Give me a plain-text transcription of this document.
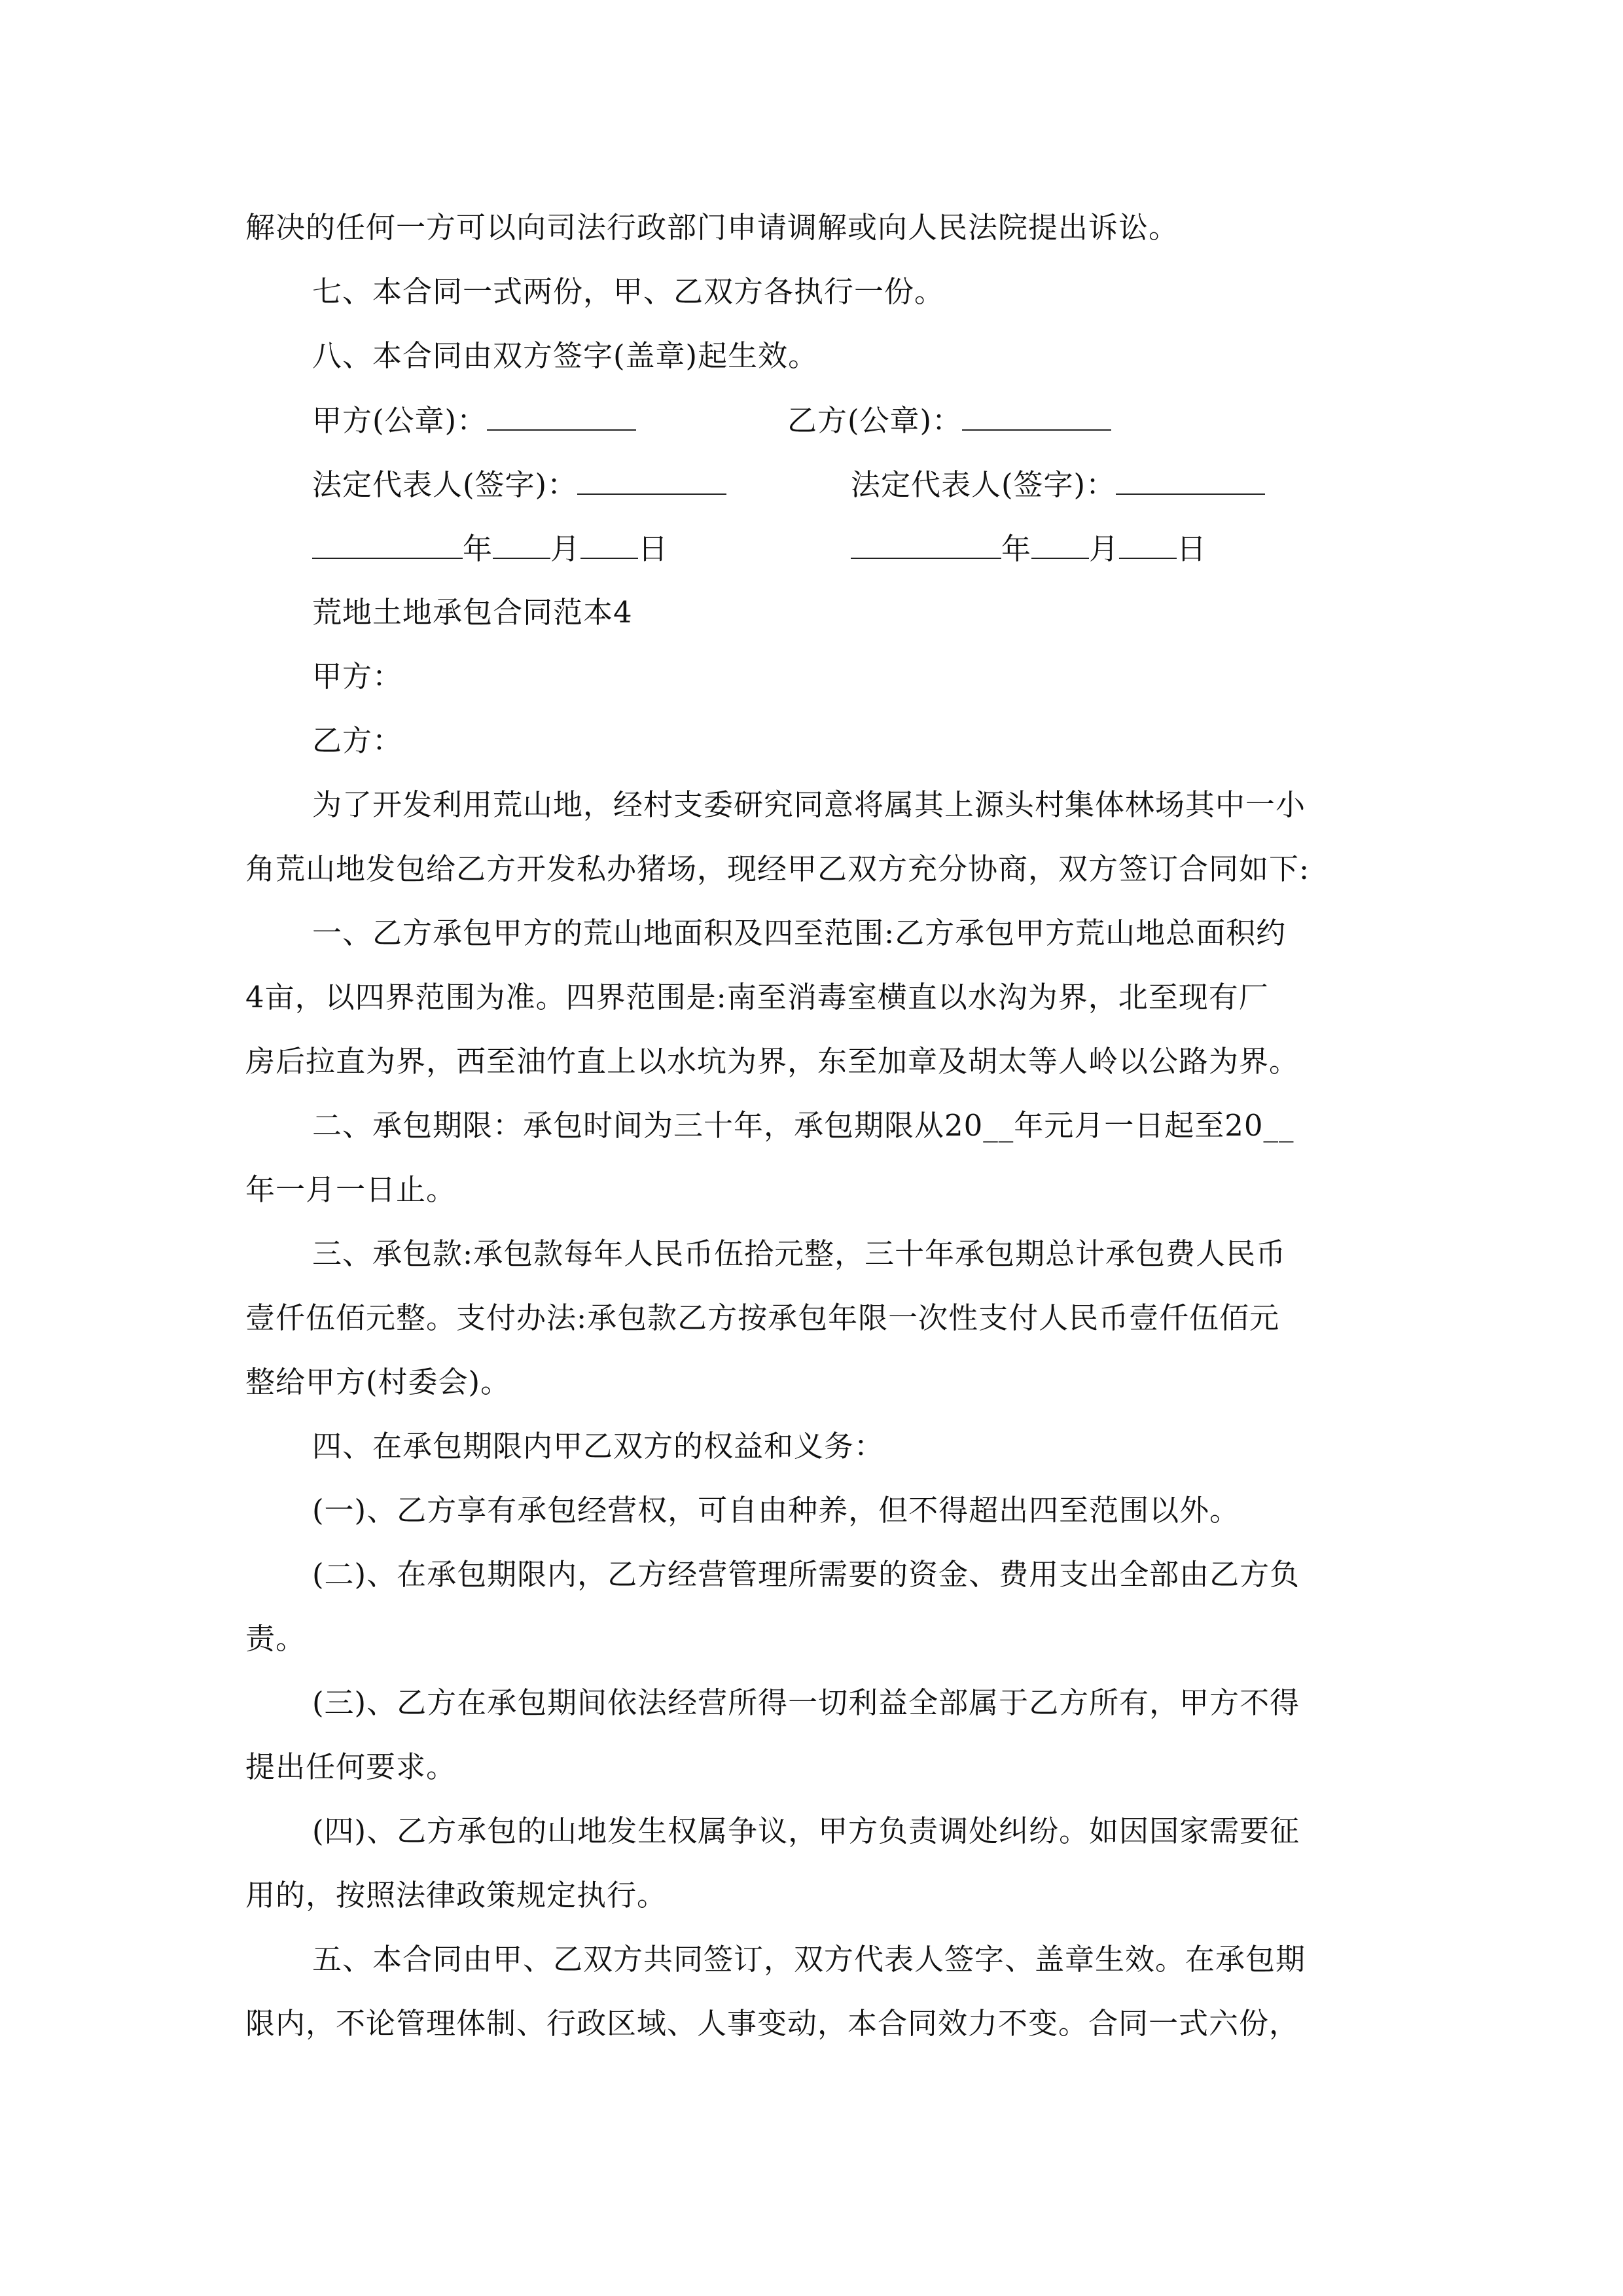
解决的任何一方可以向司法行政部门申请调解或向人民法院提出诉讼。
七、本合同一式两份，甲、乙双方各执行一份。
八、本合同由双方签字(盖章)起生效。
甲方(公章)：	乙方(公章)：
法定代表人(签字)：	法定代表人(签字)：
年 月 日	年 月 日
荒地土地承包合同范本4
甲方：
乙方：
为了开发利用荒山地，经村支委研究同意将属其上源头村集体林场其中一小
角荒山地发包给乙方开发私办猪场，现经甲乙双方充分协商，双方签订合同如下:
一、乙方承包甲方的荒山地面积及四至范围:乙方承包甲方荒山地总面积约
4亩，以四界范围为准。四界范围是:南至消毒室横直以水沟为界，北至现有厂
房后拉直为界，西至油竹直上以水坑为界，东至加章及胡太等人岭以公路为界。
二、承包期限：承包时间为三十年，承包期限从20__年元月一日起至20__
年一月一日止。
三、承包款:承包款每年人民币伍拾元整，三十年承包期总计承包费人民币
壹仟伍佰元整。支付办法:承包款乙方按承包年限一次性支付人民币壹仟伍佰元
整给甲方(村委会)。
四、在承包期限内甲乙双方的权益和义务：
(一)、乙方享有承包经营权，可自由种养，但不得超出四至范围以外。
(二)、在承包期限内，乙方经营管理所需要的资金、费用支出全部由乙方负
责。
(三)、乙方在承包期间依法经营所得一切利益全部属于乙方所有，甲方不得
提出任何要求。
(四)、乙方承包的山地发生权属争议，甲方负责调处纠纷。如因国家需要征
用的，按照法律政策规定执行。
五、本合同由甲、乙双方共同签订，双方代表人签字、盖章生效。在承包期
限内，不论管理体制、行政区域、人事变动，本合同效力不变。合同一式六份，
